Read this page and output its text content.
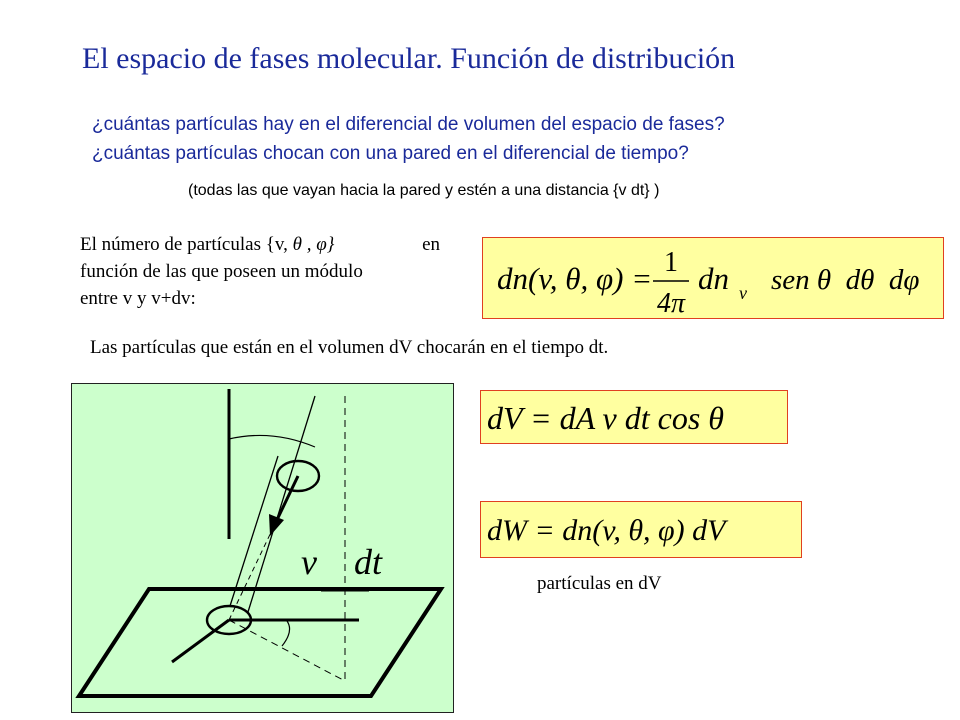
El espacio de fases molecular. Función de distribución
¿cuántas partículas hay en el diferencial de volumen del espacio de fases?
¿cuántas partículas chocan con una pared en el diferencial de tiempo?
(todas las que vayan hacia la pared y estén a una distancia {v dt} )
El número de partículas {v, θ , φ}	en
función de las que poseen un módulo
entre v y v+dv:
dn(v, θ, φ) = 1
4π
dn v sen θ  dθ  dφ
Las partículas que están en el volumen dV chocarán en el tiempo dt.
v⃗ dt
dV = dA v dt cos θ
dW = dn(v, θ, φ) dV
partículas en dV
